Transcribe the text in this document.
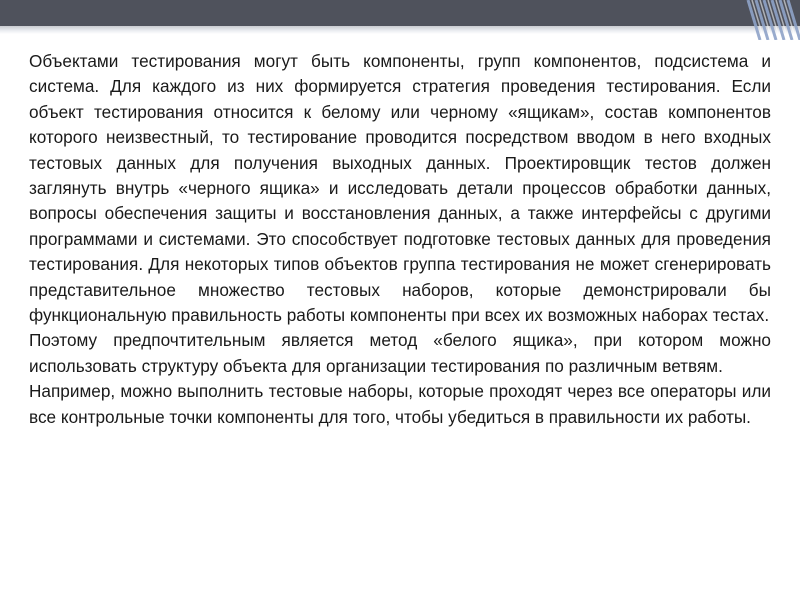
Объектами тестирования могут быть компоненты, групп компонентов, подсистема и система. Для каждого из них формируется стратегия проведения тестирования. Если объект тестирования относится к белому или черному «ящикам», состав компонентов которого неизвестный, то тестирование проводится посредством вводом в него входных тестовых данных для получения выходных данных. Проектировщик тестов должен заглянуть внутрь «черного ящика» и исследовать детали процессов обработки данных, вопросы обеспечения защиты и восстановления данных, а также интерфейсы с другими программами и системами. Это способствует подготовке тестовых данных для проведения тестирования. Для некоторых типов объектов группа тестирования не может сгенерировать представительное множество тестовых наборов, которые демонстрировали бы функциональную правильность работы компоненты при всех их возможных наборах тестах.

Поэтому предпочтительным является метод «белого ящика», при котором можно использовать структуру объекта для организации тестирования по различным ветвям.

Например, можно выполнить тестовые наборы, которые проходят через все операторы или все контрольные точки компоненты для того, чтобы убедиться в правильности их работы.
